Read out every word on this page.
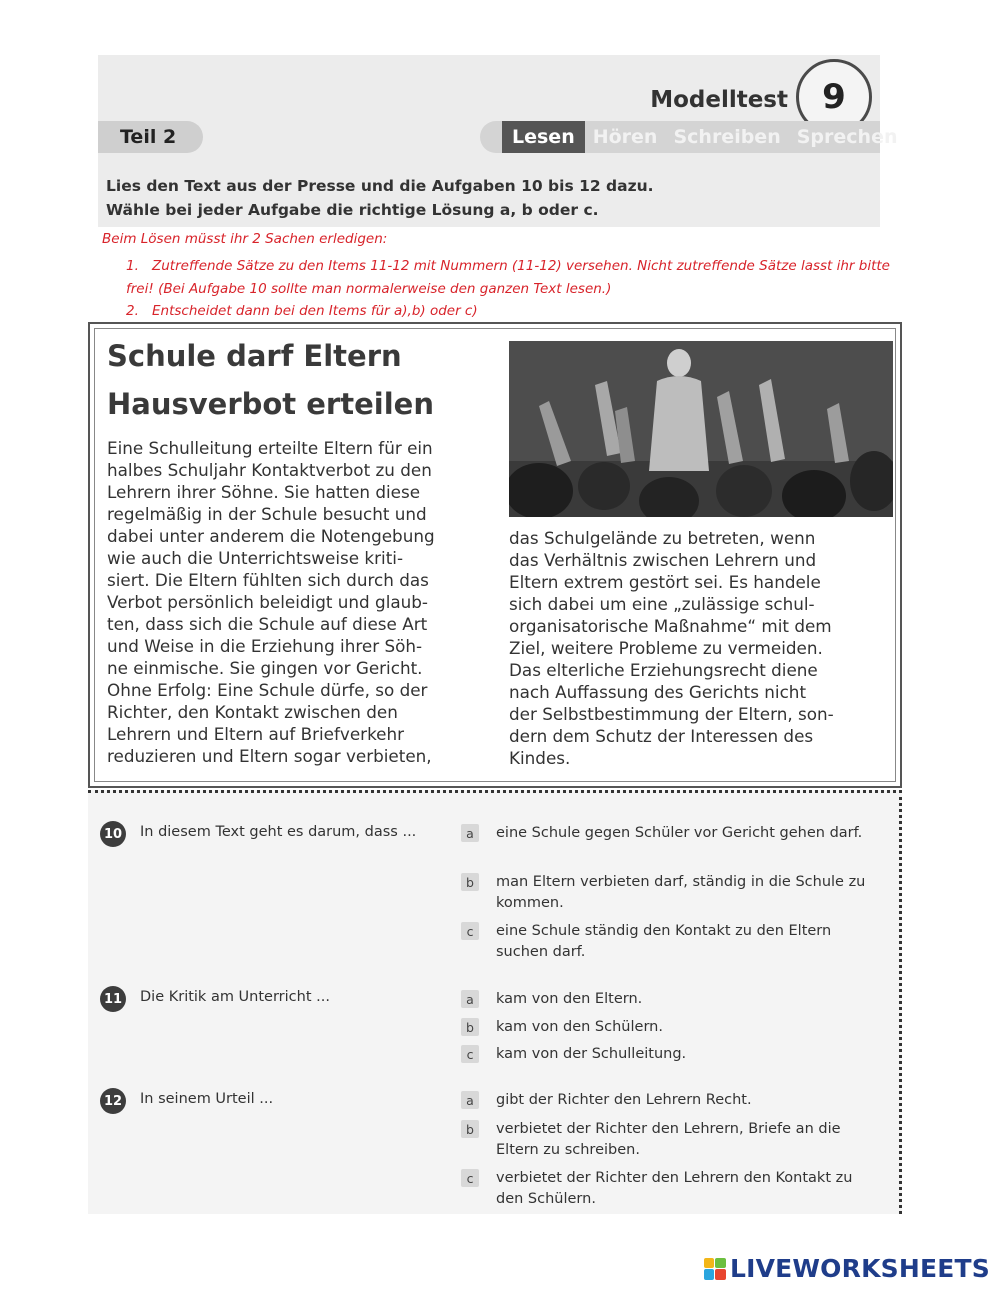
Modelltest	9
Teil 2	Lesen Hören Schreiben Sprechen
Lies den Text aus der Presse und die Aufgaben 10 bis 12 dazu.
Wähle bei jeder Aufgabe die richtige Lösung a, b oder c.
Beim Lösen müsst ihr 2 Sachen erledigen:
1. Zutreffende Sätze zu den Items 11-12 mit Nummern (11-12) versehen. Nicht zutreffende Sätze lasst ihr bitte frei! (Bei Aufgabe 10 sollte man normalerweise den ganzen Text lesen.)
2. Entscheidet dann bei den Items für a),b) oder c)
Schule darf Eltern
Hausverbot erteilen
Eine Schulleitung erteilte Eltern für ein
halbes Schuljahr Kontaktverbot zu den
Lehrern ihrer Söhne. Sie hatten diese
regelmäßig in der Schule besucht und
dabei unter anderem die Notengebung
wie auch die Unterrichtsweise kriti-
siert. Die Eltern fühlten sich durch das
Verbot persönlich beleidigt und glaub-
ten, dass sich die Schule auf diese Art
und Weise in die Erziehung ihrer Söh-
ne einmische. Sie gingen vor Gericht.
Ohne Erfolg: Eine Schule dürfe, so der
Richter, den Kontakt zwischen den
Lehrern und Eltern auf Briefverkehr
reduzieren und Eltern sogar verbieten,
das Schulgelände zu betreten, wenn
das Verhältnis zwischen Lehrern und
Eltern extrem gestört sei. Es handele
sich dabei um eine „zulässige schul-
organisatorische Maßnahme“ mit dem
Ziel, weitere Probleme zu vermeiden.
Das elterliche Erziehungsrecht diene
nach Auffassung des Gerichts nicht
der Selbstbestimmung der Eltern, son-
dern dem Schutz der Interessen des
Kindes.
10 In diesem Text geht es darum, dass ...	a	eine Schule gegen Schüler vor Gericht gehen darf.
b	man Eltern verbieten darf, ständig in die Schule zu kommen.
c	eine Schule ständig den Kontakt zu den Eltern suchen darf.
11 Die Kritik am Unterricht ...	a	kam von den Eltern.
b	kam von den Schülern.
c	kam von der Schulleitung.
12 In seinem Urteil ...	a	gibt der Richter den Lehrern Recht.
b	verbietet der Richter den Lehrern, Briefe an die Eltern zu schreiben.
c	verbietet der Richter den Lehrern den Kontakt zu den Schülern.
LIVEWORKSHEETS
